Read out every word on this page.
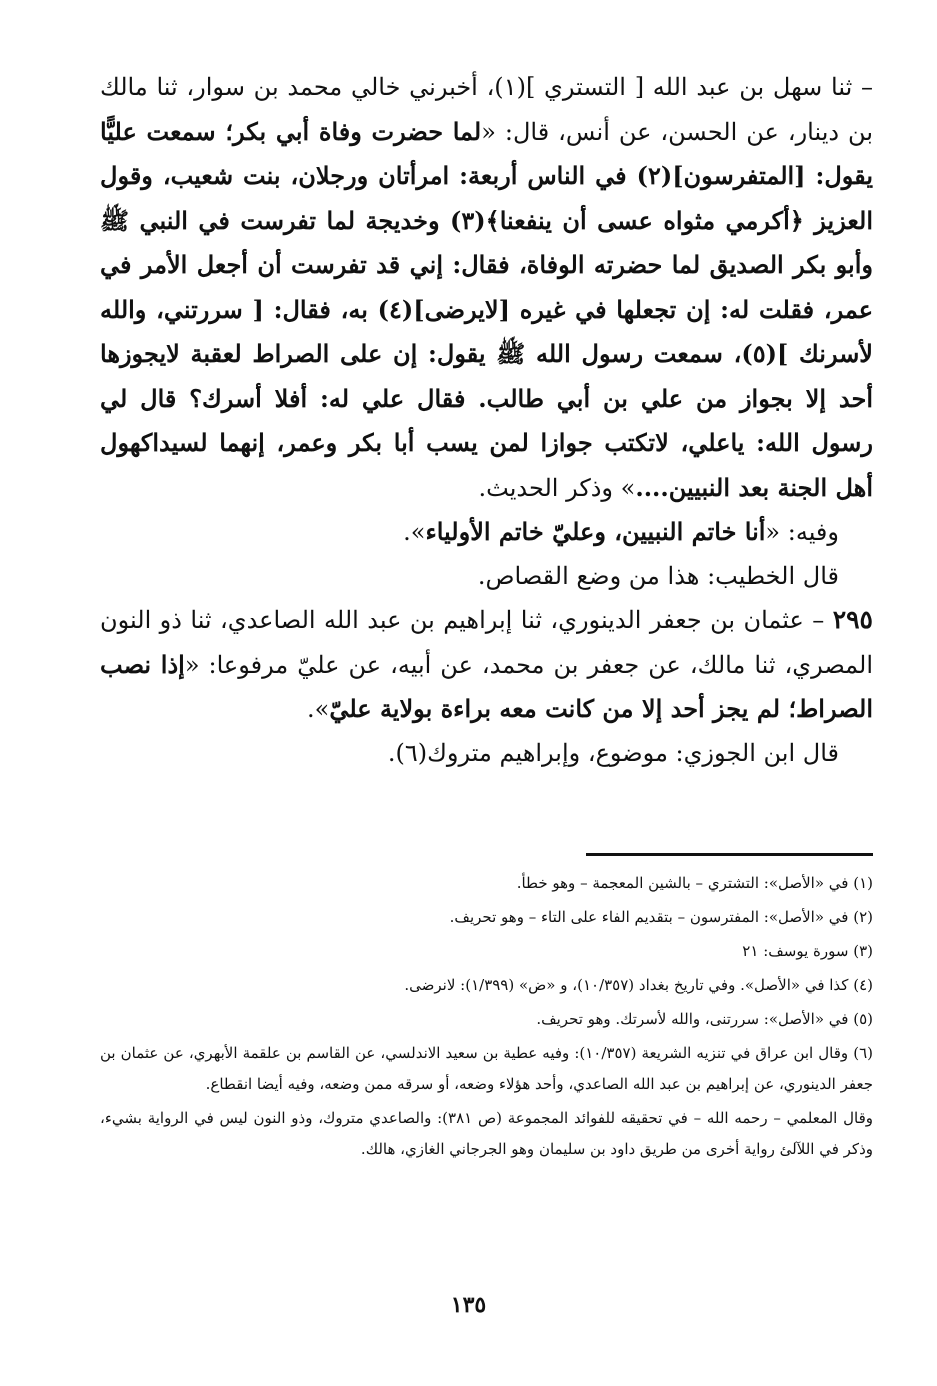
– ثنا سهل بن عبد الله [ التستري ](١)، أخبرني خالي محمد بن سوار، ثنا مالك بن دينار، عن الحسن، عن أنس، قال: «لما حضرت وفاة أبي بكر؛ سمعت عليًّا يقول: [المتفرسون](٢) في الناس أربعة: امرأتان ورجلان، بنت شعيب، وقول العزيز ﴿أكرمي مثواه عسى أن ينفعنا﴾(٣) وخديجة لما تفرست في النبي ﷺ وأبو بكر الصديق لما حضرته الوفاة، فقال: إني قد تفرست أن أجعل الأمر في عمر، فقلت له: إن تجعلها في غيره [لايرضى](٤) به، فقال: [ سررتني، والله لأسرنك ](٥)، سمعت رسول الله ﷺ يقول: إن على الصراط لعقبة لايجوزها أحد إلا بجواز من علي بن أبي طالب. فقال علي له: أفلا أسرك؟ قال لي رسول الله: ياعلي، لاتكتب جوازا لمن يسب أبا بكر وعمر، إنهما لسيداكهول أهل الجنة بعد النبيين....» وذكر الحديث.

وفيه: «أنا خاتم النبيين، وعليّ خاتم الأولياء».

قال الخطيب: هذا من وضع القصاص.

٢٩٥ – عثمان بن جعفر الدينوري، ثنا إبراهيم بن عبد الله الصاعدي، ثنا ذو النون المصري، ثنا مالك، عن جعفر بن محمد، عن أبيه، عن عليّ مرفوعا: «إذا نصب الصراط؛ لم يجز أحد إلا من كانت معه براءة بولاية عليّ».

قال ابن الجوزي: موضوع، وإبراهيم متروك(٦).

(١) في «الأصل»: التشتري – بالشين المعجمة – وهو خطأ.

(٢) في «الأصل»: المفترسون – بتقديم الفاء على التاء – وهو تحريف.

(٣) سورة يوسف: ٢١

(٤) كذا في «الأصل». وفي تاريخ بغداد (١٠/٣٥٧)، و «ض» (١/٣٩٩): لانرضى.

(٥) في «الأصل»: سررتنى، والله لأسرتك. وهو تحريف.

(٦) وقال ابن عراق في تنزيه الشريعة (١٠/٣٥٧): وفيه عطية بن سعيد الاندلسي، عن القاسم بن علقمة الأبهري، عن عثمان بن جعفر الدينوري، عن إبراهيم بن عبد الله الصاعدي، وأحد هؤلاء وضعه، أو سرقه ممن وضعه، وفيه أيضا انقطاع.

وقال المعلمي – رحمه الله – في تحقيقه للفوائد المجموعة (ص ٣٨١): والصاعدي متروك، وذو النون ليس في الرواية بشيء، وذكر في اللآلئ رواية أخرى من طريق داود بن سليمان وهو الجرجاني الغازي، هالك.

١٣٥
